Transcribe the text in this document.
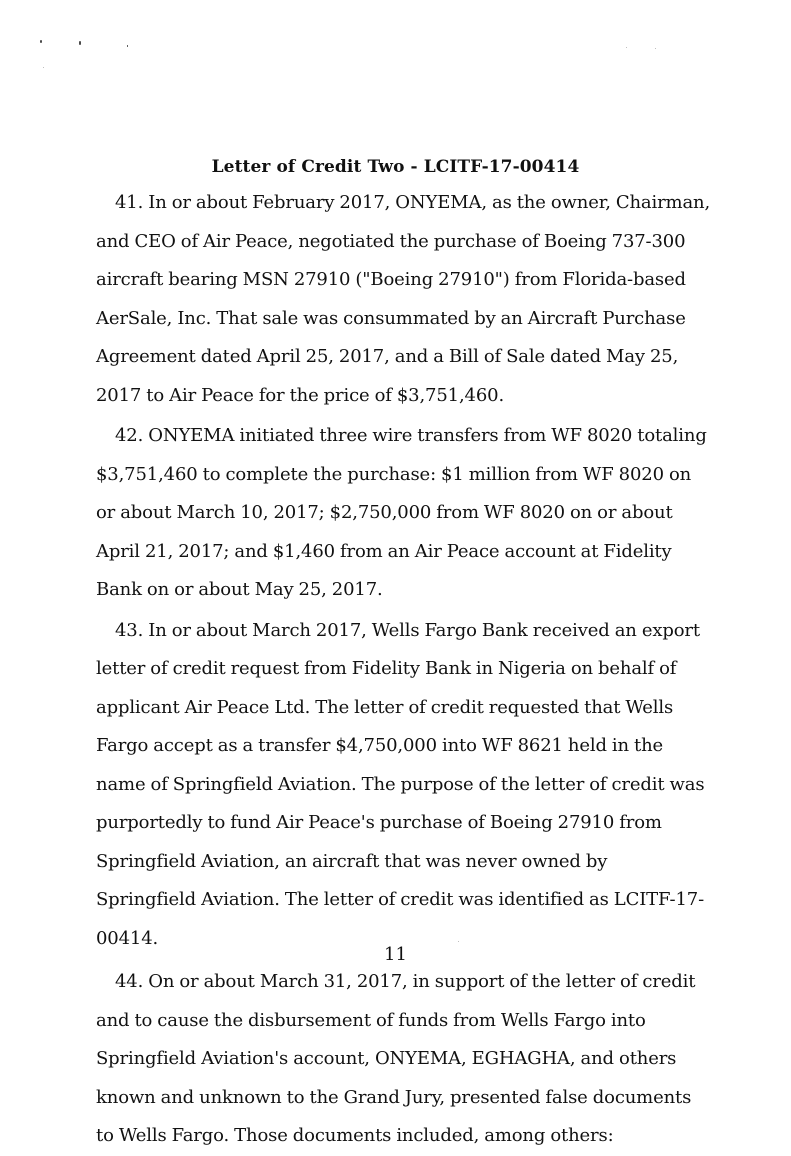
Letter of Credit Two - LCITF-17-00414

41. In or about February 2017, ONYEMA, as the owner, Chairman, and CEO of Air Peace, negotiated the purchase of Boeing 737-300 aircraft bearing MSN 27910 ("Boeing 27910") from Florida-based AerSale, Inc. That sale was consummated by an Aircraft Purchase Agreement dated April 25, 2017, and a Bill of Sale dated May 25, 2017 to Air Peace for the price of $3,751,460.

42. ONYEMA initiated three wire transfers from WF 8020 totaling $3,751,460 to complete the purchase: $1 million from WF 8020 on or about March 10, 2017; $2,750,000 from WF 8020 on or about April 21, 2017; and $1,460 from an Air Peace account at Fidelity Bank on or about May 25, 2017.

43. In or about March 2017, Wells Fargo Bank received an export letter of credit request from Fidelity Bank in Nigeria on behalf of applicant Air Peace Ltd. The letter of credit requested that Wells Fargo accept as a transfer $4,750,000 into WF 8621 held in the name of Springfield Aviation. The purpose of the letter of credit was purportedly to fund Air Peace's purchase of Boeing 27910 from Springfield Aviation, an aircraft that was never owned by Springfield Aviation. The letter of credit was identified as LCITF-17-00414.

44. On or about March 31, 2017, in support of the letter of credit and to cause the disbursement of funds from Wells Fargo into Springfield Aviation's account, ONYEMA, EGHAGHA, and others known and unknown to the Grand Jury, presented false documents to Wells Fargo. Those documents included, among others:

11
